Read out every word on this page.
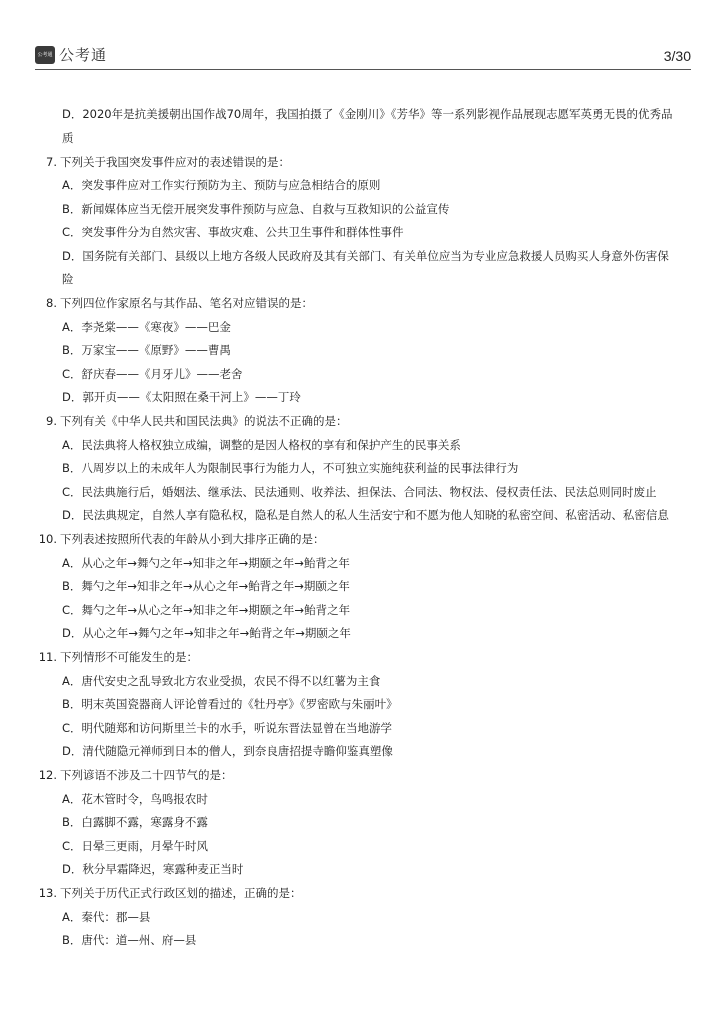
公考通 公考通	3/30
D．2020年是抗美援朝出国作战70周年，我国拍摄了《金刚川》《芳华》等一系列影视作品展现志愿军英勇无畏的优秀品
质
7. 下列关于我国突发事件应对的表述错误的是：
A．突发事件应对工作实行预防为主、预防与应急相结合的原则
B．新闻媒体应当无偿开展突发事件预防与应急、自救与互救知识的公益宣传
C．突发事件分为自然灾害、事故灾难、公共卫生事件和群体性事件
D．国务院有关部门、县级以上地方各级人民政府及其有关部门、有关单位应当为专业应急救援人员购买人身意外伤害保
险
8. 下列四位作家原名与其作品、笔名对应错误的是：
A．李尧棠——《寒夜》——巴金
B．万家宝——《原野》——曹禺
C．舒庆春——《月牙儿》——老舍
D．郭开贞——《太阳照在桑干河上》——丁玲
9. 下列有关《中华人民共和国民法典》的说法不正确的是：
A．民法典将人格权独立成编，调整的是因人格权的享有和保护产生的民事关系
B．八周岁以上的未成年人为限制民事行为能力人，不可独立实施纯获利益的民事法律行为
C．民法典施行后，婚姻法、继承法、民法通则、收养法、担保法、合同法、物权法、侵权责任法、民法总则同时废止
D．民法典规定，自然人享有隐私权，隐私是自然人的私人生活安宁和不愿为他人知晓的私密空间、私密活动、私密信息
10. 下列表述按照所代表的年龄从小到大排序正确的是：
A．从心之年→舞勺之年→知非之年→期颐之年→鲐背之年
B．舞勺之年→知非之年→从心之年→鲐背之年→期颐之年
C．舞勺之年→从心之年→知非之年→期颐之年→鲐背之年
D．从心之年→舞勺之年→知非之年→鲐背之年→期颐之年
11. 下列情形不可能发生的是：
A．唐代安史之乱导致北方农业受损，农民不得不以红薯为主食
B．明末英国瓷器商人评论曾看过的《牡丹亭》《罗密欧与朱丽叶》
C．明代随郑和访问斯里兰卡的水手，听说东晋法显曾在当地游学
D．清代随隐元禅师到日本的僧人，到奈良唐招提寺瞻仰鉴真塑像
12. 下列谚语不涉及二十四节气的是：
A．花木管时令，鸟鸣报农时
B．白露脚不露，寒露身不露
C．日晕三更雨，月晕午时风
D．秋分早霜降迟，寒露种麦正当时
13. 下列关于历代正式行政区划的描述，正确的是：
A．秦代：郡—县
B．唐代：道—州、府—县
